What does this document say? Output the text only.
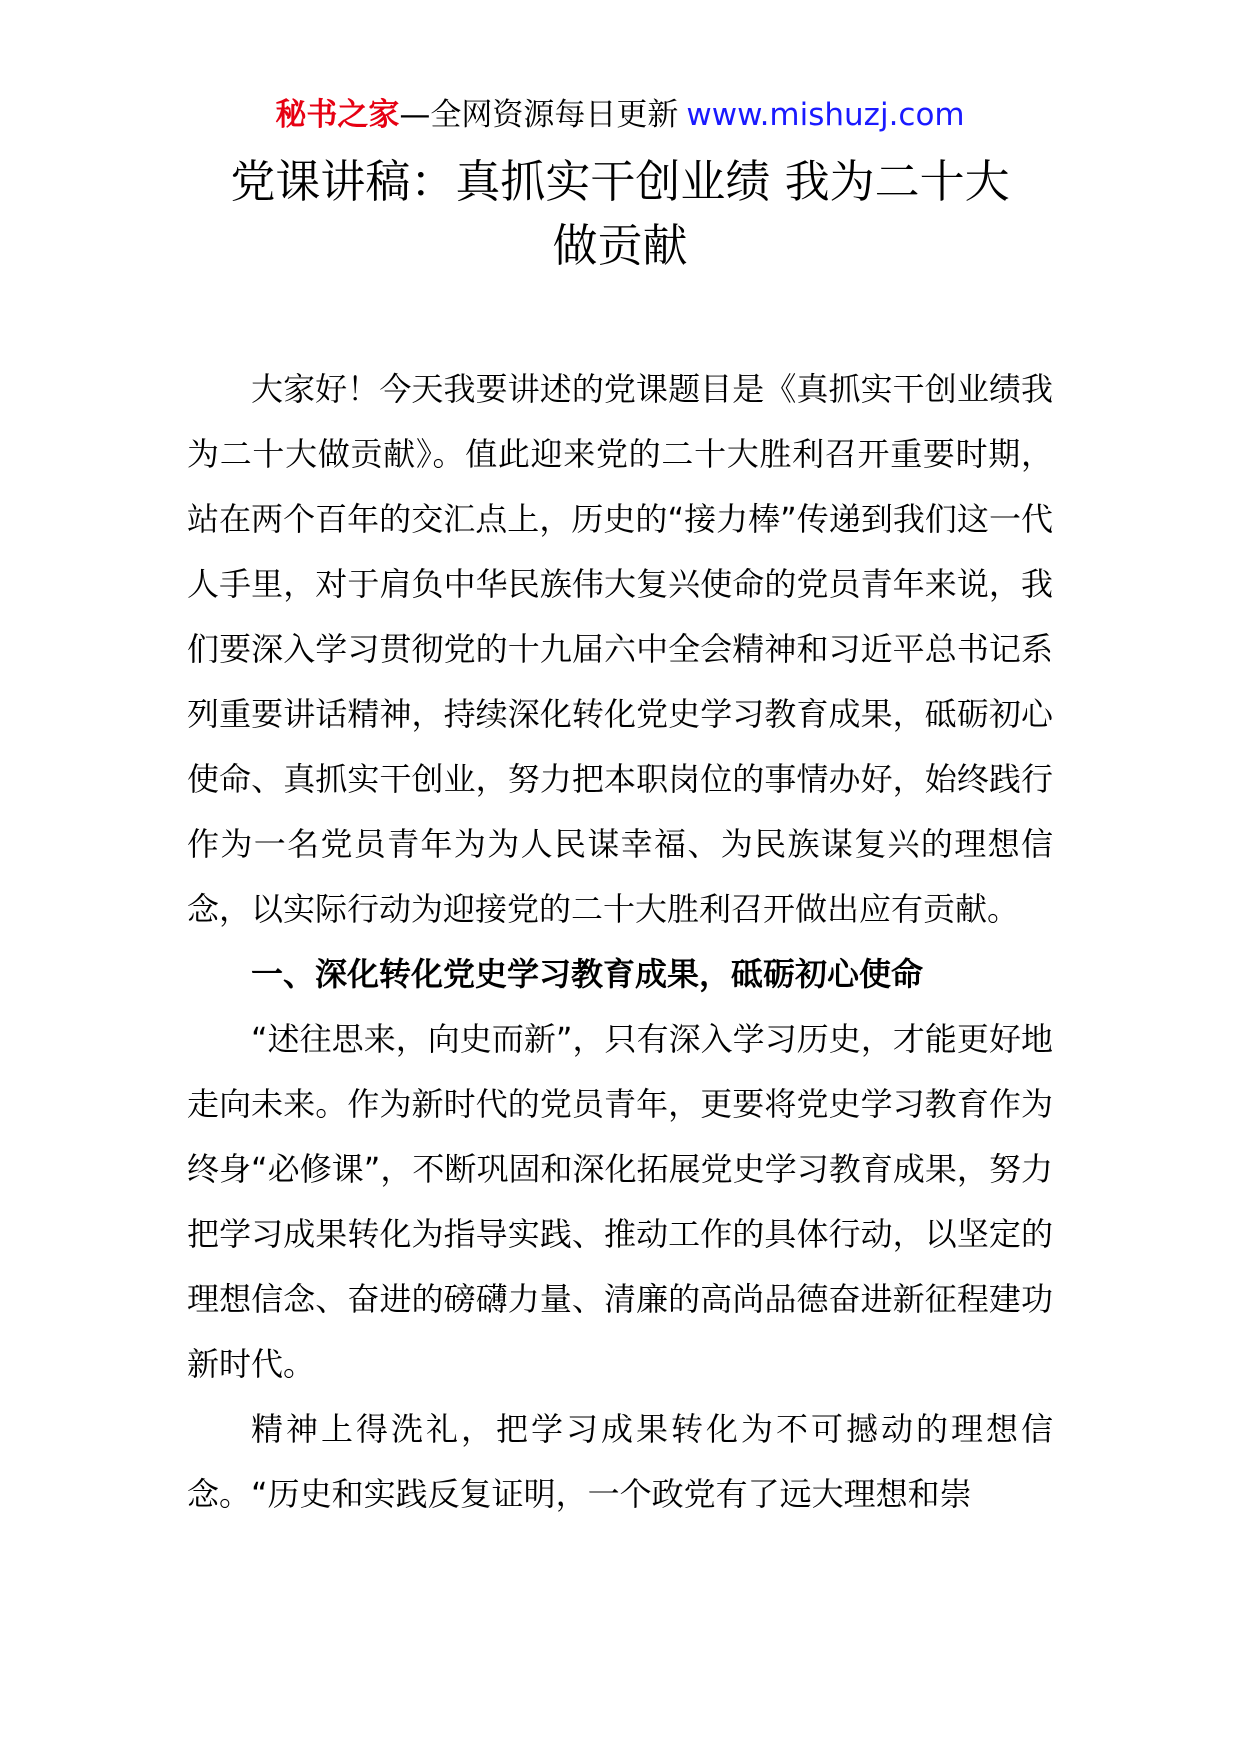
秘书之家—全网资源每日更新 www.mishuzj.com
党课讲稿：真抓实干创业绩 我为二十大
做贡献

大家好！今天我要讲述的党课题目是《真抓实干创业绩我为二十大做贡献》。值此迎来党的二十大胜利召开重要时期，站在两个百年的交汇点上，历史的“接力棒”传递到我们这一代人手里，对于肩负中华民族伟大复兴使命的党员青年来说，我们要深入学习贯彻党的十九届六中全会精神和习近平总书记系列重要讲话精神，持续深化转化党史学习教育成果，砥砺初心使命、真抓实干创业，努力把本职岗位的事情办好，始终践行作为一名党员青年为为人民谋幸福、为民族谋复兴的理想信念，以实际行动为迎接党的二十大胜利召开做出应有贡献。

一、深化转化党史学习教育成果，砥砺初心使命

“述往思来，向史而新”，只有深入学习历史，才能更好地走向未来。作为新时代的党员青年，更要将党史学习教育作为终身“必修课”，不断巩固和深化拓展党史学习教育成果，努力把学习成果转化为指导实践、推动工作的具体行动，以坚定的理想信念、奋进的磅礴力量、清廉的高尚品德奋进新征程建功新时代。

精神上得洗礼，把学习成果转化为不可撼动的理想信念。“历史和实践反复证明，一个政党有了远大理想和崇
